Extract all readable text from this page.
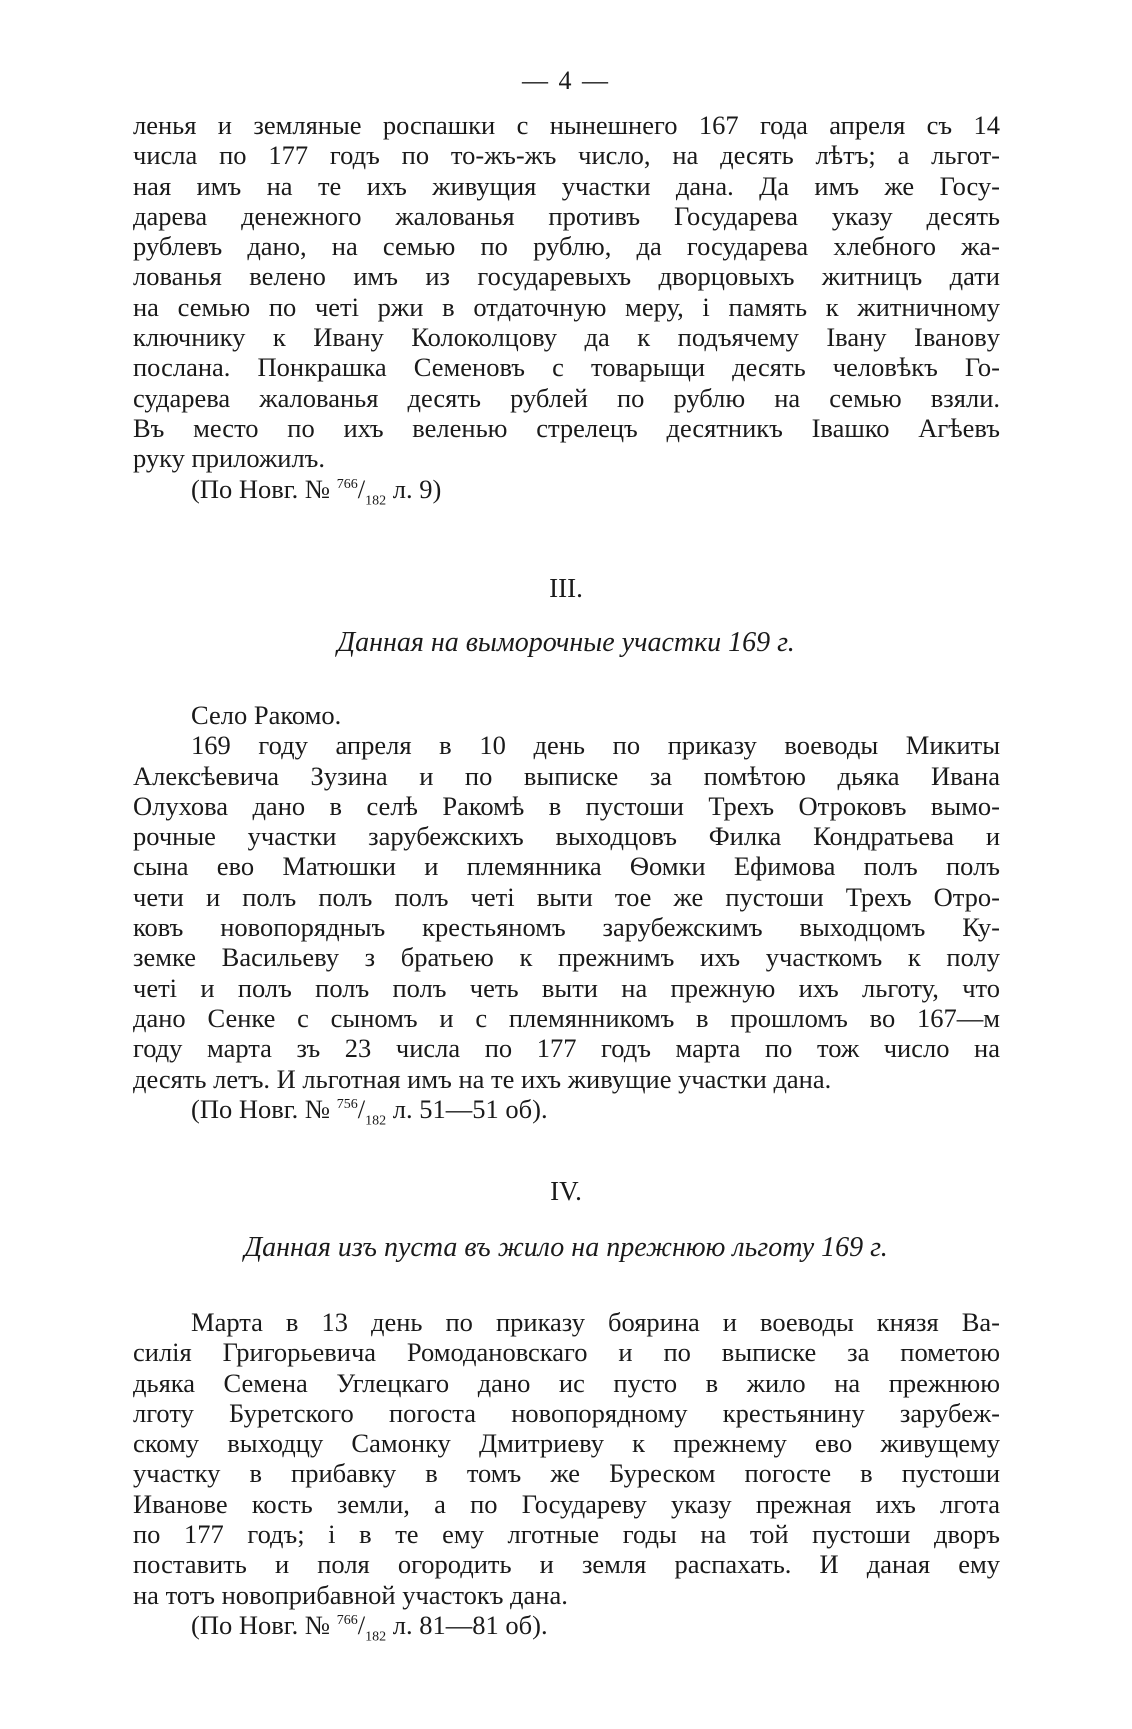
— 4 —
ленья и земляные роспашки с нынешнего 167 года апреля съ 14
числа по 177 годъ по то-жъ-жъ число, на десять лѣтъ; а льгот-
ная имъ на те ихъ живущия участки дана. Да имъ же Госу-
дарева денежного жалованья противъ Государева указу десять
рублевъ дано, на семью по рублю, да государева хлебного жа-
лованья велено имъ из государевыхъ дворцовыхъ житницъ дати
на семью по четі ржи в отдаточную меру, і память к житничному
ключнику к Ивану Колоколцову да к подъячему Івану Івановy
послана. Понкрашка Семеновъ с товарыщи десять человѣкъ Го-
сударева жалованья десять рублей по рублю на семью взяли.
Въ место по ихъ веленью стрелецъ десятникъ Івашко Агѣевъ
руку приложилъ.
(По Новг. № $^{766}/_{182}$ л. 9)
III.
Данная на выморочные участки 169 г.
Село Ракомо.
169 году апреля в 10 день по приказу воеводы Микиты
Алексѣевича Зузина и по выписке за помѣтою дьяка Ивана
Олухова дано в селѣ Ракомѣ в пустоши Трехъ Отроковъ вымо-
рочные участки зарубежскихъ выходцовъ Филка Кондратьева и
сына ево Матюшки и племянника Ѳомки Ефимова полъ полъ
чети и полъ полъ полъ четі выти тое же пустоши Трехъ Отро-
ковъ новопорядныъ крестьяномъ зарубежскимъ выходцомъ Ку-
земке Васильеву з братьею к прежнимъ ихъ участкомъ к полу
четі и полъ полъ полъ четь выти на прежную ихъ льготу, что
дано Сенке с сыномъ и с племянникомъ в прошломъ во 167—м
году марта зъ 23 числа по 177 годъ марта по тож число на
десять летъ. И льготная имъ на те ихъ живущие участки дана.
(По Новг. № $^{756}/_{182}$ л. 51—51 об).
IV.
Данная изъ пуста въ жило на прежнюю льготу 169 г.
Марта в 13 день по приказу боярина и воеводы князя Ва-
силія Григорьевича Ромодановскаго и по выписке за пометою
дьяка Семена Углецкаго дано ис пусто в жило на прежнюю
лготу Буретского погоста новопорядному крестьянину зарубеж-
скому выходцу Самонку Дмитриеву к прежнему ево живущему
участку в прибавку в томъ же Буреском погосте в пустоши
Иванове кость земли, а по Государеву указу прежная ихъ лгота
по 177 годъ; і в те ему лготные годы на той пустоши дворъ
поставить и поля огородить и земля распахать. И даная ему
на тотъ новоприбавной участокъ дана.
(По Новг. № $^{766}/_{182}$ л. 81—81 об).
